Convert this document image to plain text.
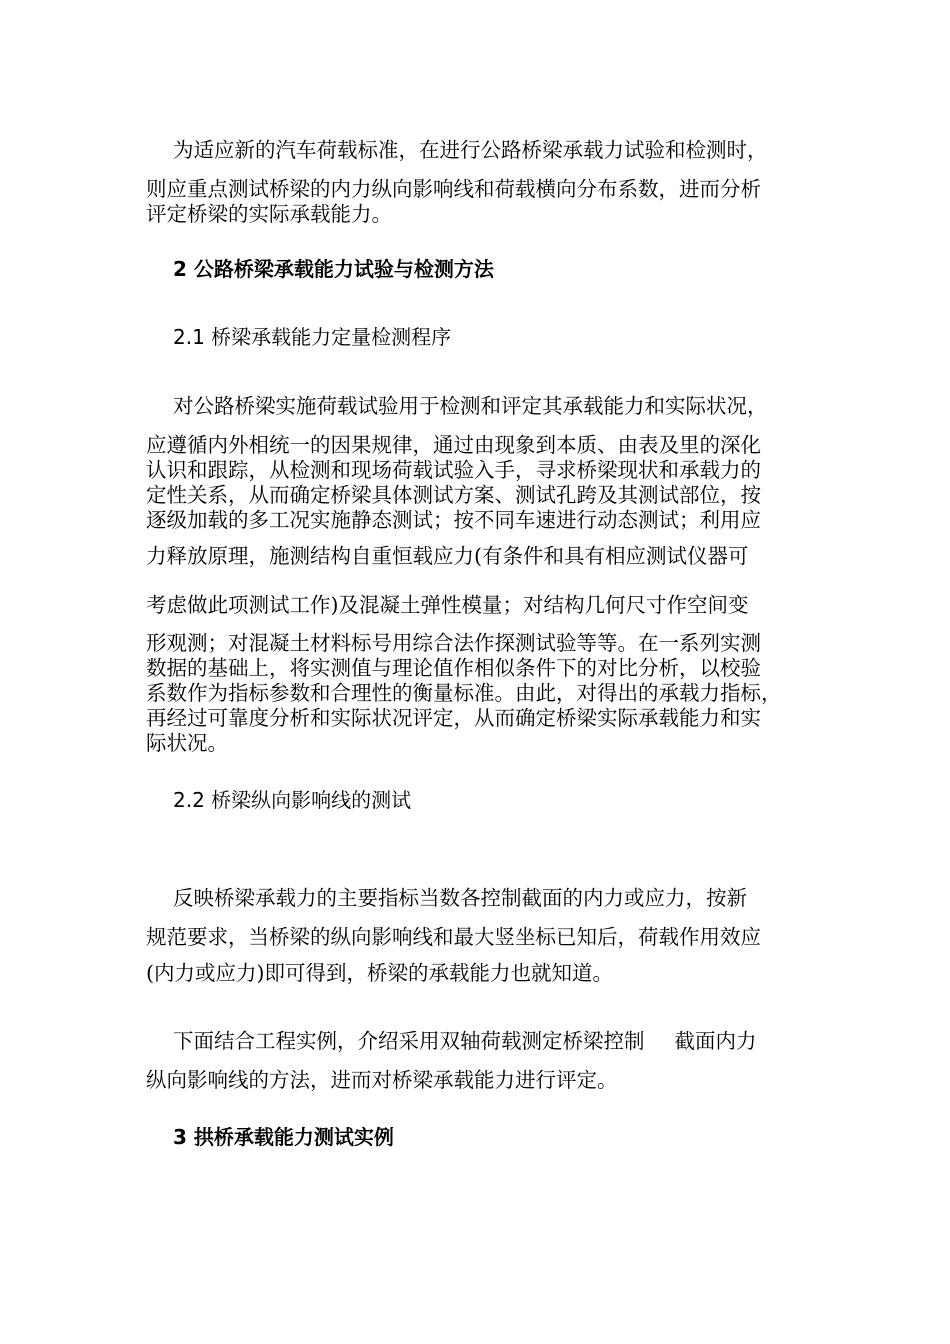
为适应新的汽车荷载标准，在进行公路桥梁承载力试验和检测时，
则应重点测试桥梁的内力纵向影响线和荷载横向分布系数，进而分析
评定桥梁的实际承载能力。
2 公路桥梁承载能力试验与检测方法
2.1 桥梁承载能力定量检测程序
对公路桥梁实施荷载试验用于检测和评定其承载能力和实际状况，
应遵循内外相统一的因果规律，通过由现象到本质、由表及里的深化
认识和跟踪，从检测和现场荷载试验入手，寻求桥梁现状和承载力的
定性关系，从而确定桥梁具体测试方案、测试孔跨及其测试部位，按
逐级加载的多工况实施静态测试；按不同车速进行动态测试；利用应
力释放原理，施测结构自重恒载应力(有条件和具有相应测试仪器可
考虑做此项测试工作)及混凝土弹性模量；对结构几何尺寸作空间变
形观测；对混凝土材料标号用综合法作探测试验等等。在一系列实测
数据的基础上，将实测值与理论值作相似条件下的对比分析，以校验
系数作为指标参数和合理性的衡量标准。由此，对得出的承载力指标，
再经过可靠度分析和实际状况评定，从而确定桥梁实际承载能力和实
际状况。
2.2 桥梁纵向影响线的测试
反映桥梁承载力的主要指标当数各控制截面的内力或应力，按新
规范要求，当桥梁的纵向影响线和最大竖坐标已知后，荷载作用效应
(内力或应力)即可得到，桥梁的承载能力也就知道。
下面结合工程实例，介绍采用双轴荷载测定桥梁控制 截面内力
纵向影响线的方法，进而对桥梁承载能力进行评定。
3 拱桥承载能力测试实例
